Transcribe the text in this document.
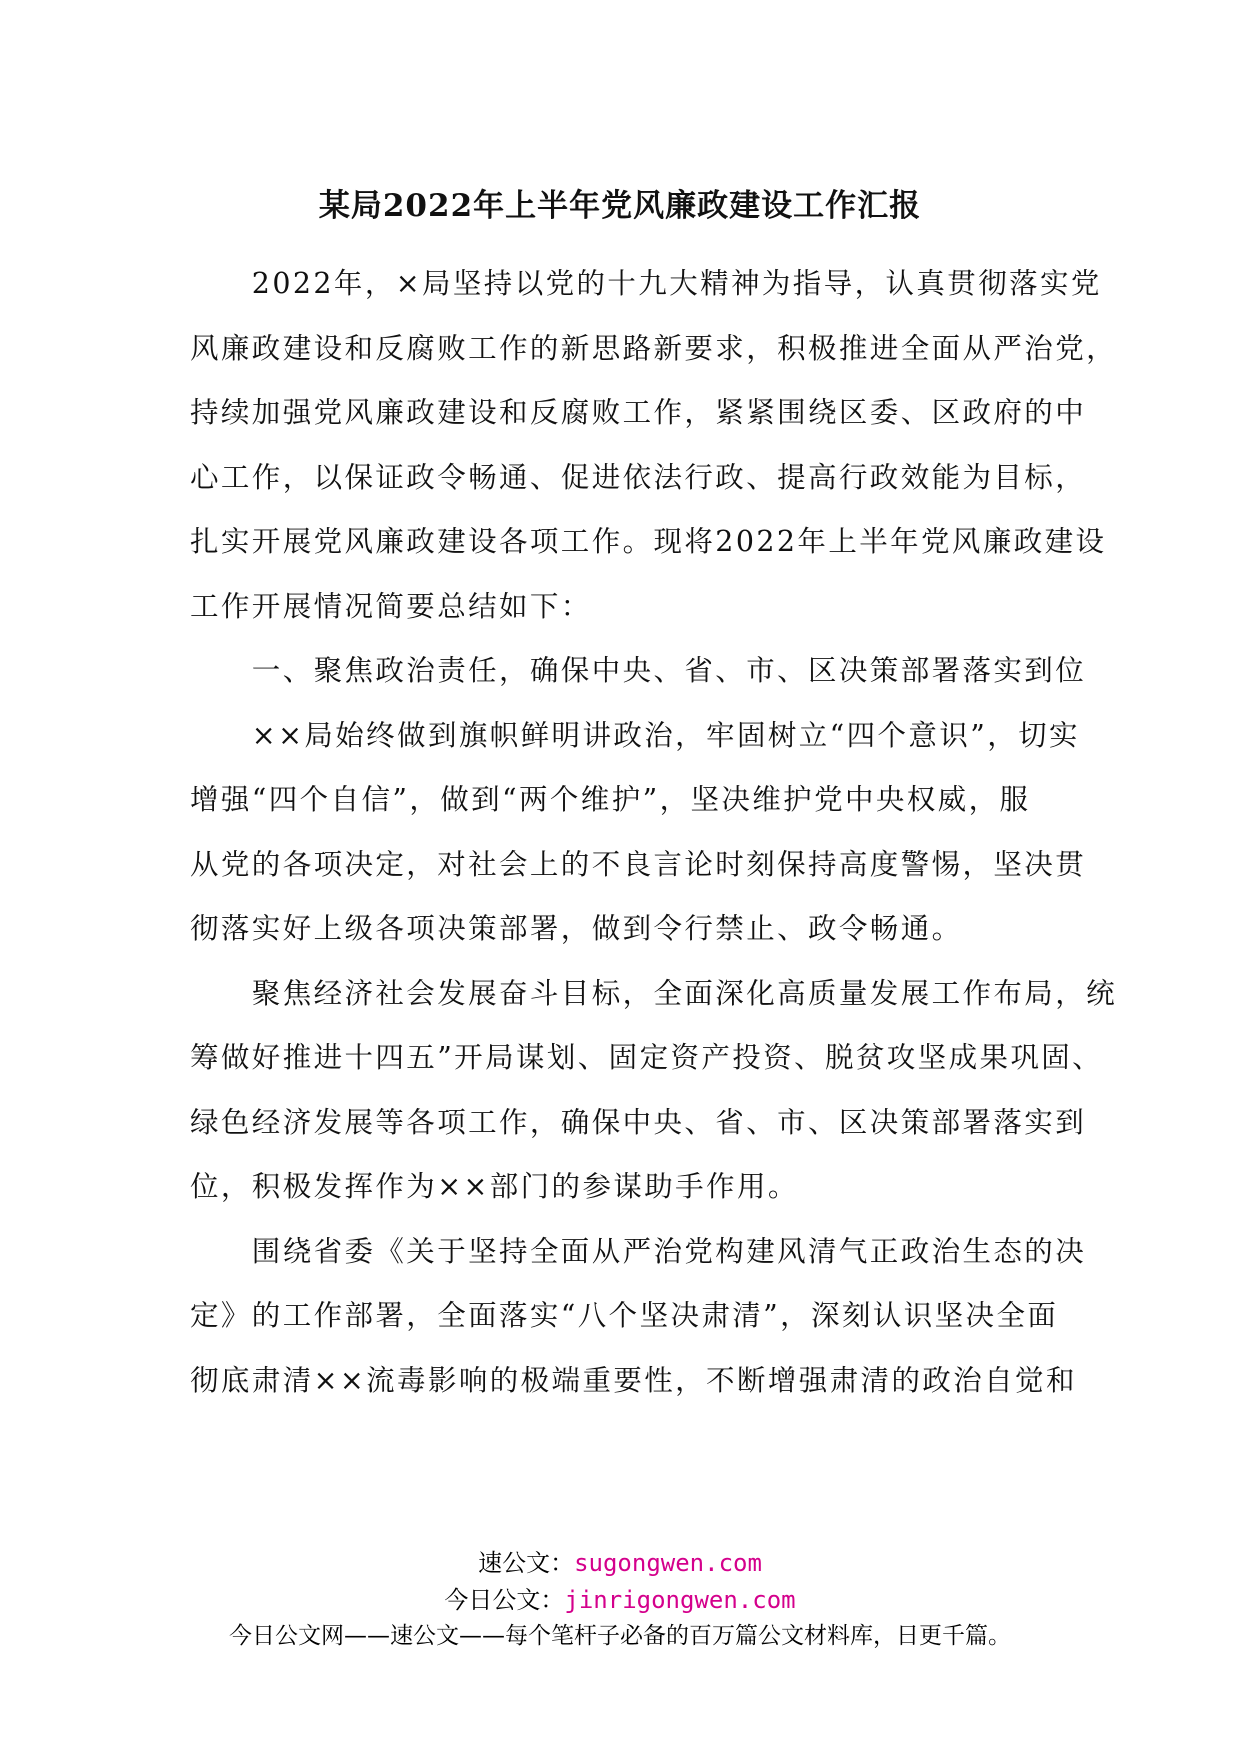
某局2022年上半年党风廉政建设工作汇报
　　2022年，×局坚持以党的十九大精神为指导，认真贯彻落实党
风廉政建设和反腐败工作的新思路新要求，积极推进全面从严治党，
持续加强党风廉政建设和反腐败工作，紧紧围绕区委、区政府的中
心工作，以保证政令畅通、促进依法行政、提高行政效能为目标，
扎实开展党风廉政建设各项工作。现将2022年上半年党风廉政建设
工作开展情况简要总结如下：
　　一、聚焦政治责任，确保中央、省、市、区决策部署落实到位
　　××局始终做到旗帜鲜明讲政治，牢固树立“四个意识”，切实
增强“四个自信”，做到“两个维护”，坚决维护党中央权威，服
从党的各项决定，对社会上的不良言论时刻保持高度警惕，坚决贯
彻落实好上级各项决策部署，做到令行禁止、政令畅通。
　　聚焦经济社会发展奋斗目标，全面深化高质量发展工作布局，统
筹做好推进十四五”开局谋划、固定资产投资、脱贫攻坚成果巩固、
绿色经济发展等各项工作，确保中央、省、市、区决策部署落实到
位，积极发挥作为××部门的参谋助手作用。
　　围绕省委《关于坚持全面从严治党构建风清气正政治生态的决
定》的工作部署，全面落实“八个坚决肃清”，深刻认识坚决全面
彻底肃清××流毒影响的极端重要性，不断增强肃清的政治自觉和
速公文：sugongwen.com
今日公文：jinrigongwen.com
今日公文网——速公文——每个笔杆子必备的百万篇公文材料库，日更千篇。
